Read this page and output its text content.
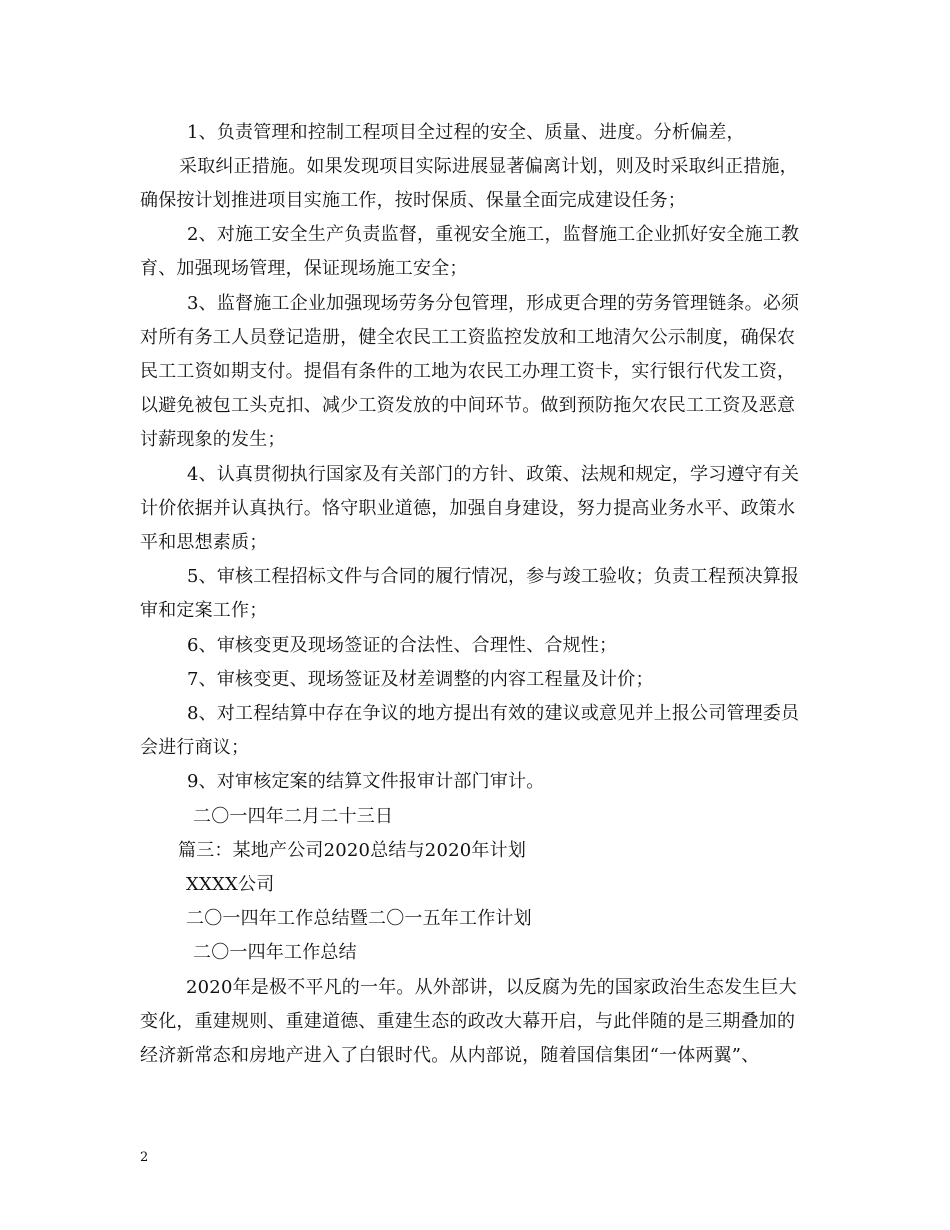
1、负责管理和控制工程项目全过程的安全、质量、进度。分析偏差，
采取纠正措施。如果发现项目实际进展显著偏离计划，则及时采取纠正措施，
确保按计划推进项目实施工作，按时保质、保量全面完成建设任务；
2、对施工安全生产负责监督，重视安全施工，监督施工企业抓好安全施工教
育、加强现场管理，保证现场施工安全；
3、监督施工企业加强现场劳务分包管理，形成更合理的劳务管理链条。必须
对所有务工人员登记造册，健全农民工工资监控发放和工地清欠公示制度，确保农
民工工资如期支付。提倡有条件的工地为农民工办理工资卡，实行银行代发工资，
以避免被包工头克扣、减少工资发放的中间环节。做到预防拖欠农民工工资及恶意
讨薪现象的发生；
4、认真贯彻执行国家及有关部门的方针、政策、法规和规定，学习遵守有关
计价依据并认真执行。恪守职业道德，加强自身建设，努力提高业务水平、政策水
平和思想素质；
5、审核工程招标文件与合同的履行情况，参与竣工验收；负责工程预决算报
审和定案工作；
6、审核变更及现场签证的合法性、合理性、合规性；
7、审核变更、现场签证及材差调整的内容工程量及计价；
8、对工程结算中存在争议的地方提出有效的建议或意见并上报公司管理委员
会进行商议；
9、对审核定案的结算文件报审计部门审计。
二〇一四年二月二十三日
篇三：某地产公司2020总结与2020年计划
XXXX公司
二〇一四年工作总结暨二〇一五年工作计划
二〇一四年工作总结
2020年是极不平凡的一年。从外部讲，以反腐为先的国家政治生态发生巨大
变化，重建规则、重建道德、重建生态的政改大幕开启，与此伴随的是三期叠加的
经济新常态和房地产进入了白银时代。从内部说，随着国信集团“一体两翼”、
2
